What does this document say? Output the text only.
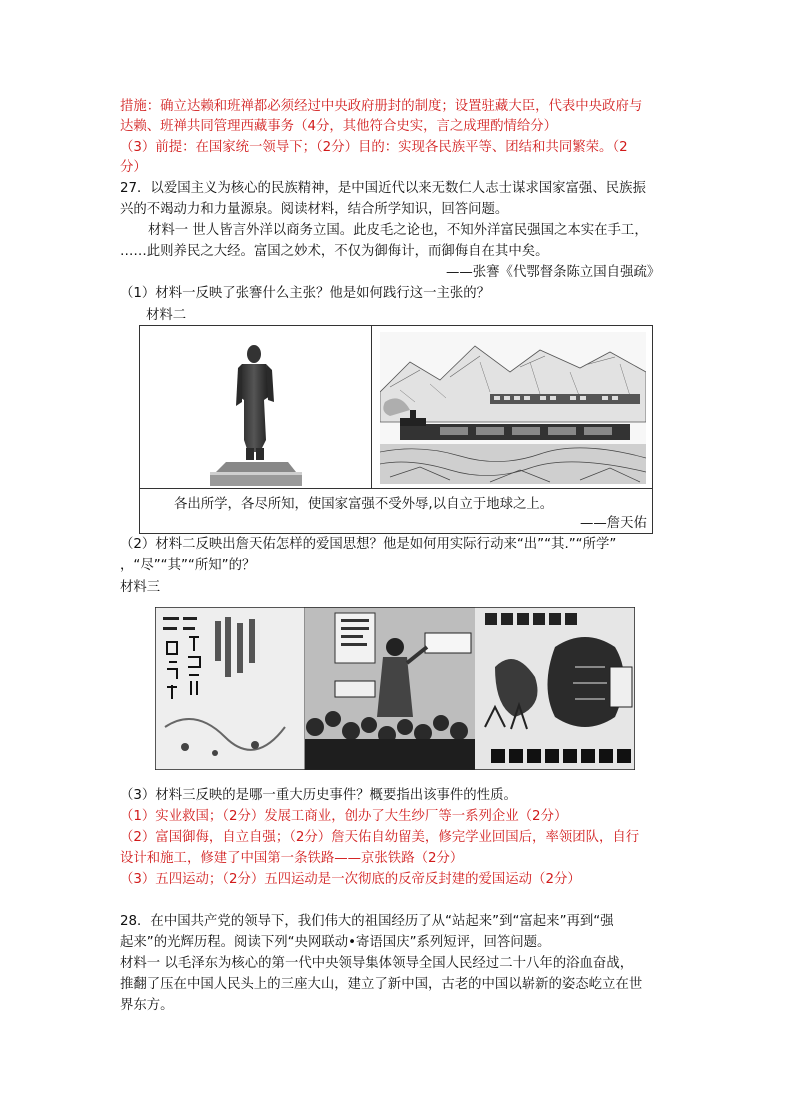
措施：确立达赖和班禅都必须经过中央政府册封的制度；设置驻藏大臣，代表中央政府与
达赖、班禅共同管理西藏事务（4分，其他符合史实，言之成理酌情给分）
（3）前提：在国家统一领导下；（2分）目的：实现各民族平等、团结和共同繁荣。（2
分）
27．以爱国主义为核心的民族精神，是中国近代以来无数仁人志士谋求国家富强、民族振
兴的不竭动力和力量源泉。阅读材料，结合所学知识，回答问题。
材料一 世人皆言外洋以商务立国。此皮毛之论也，不知外洋富民强国之本实在手工，
……此则养民之大经。富国之妙术，不仅为御侮计，而御侮自在其中矣。
——张謇《代鄂督条陈立国自强疏》
（1）材料一反映了张謇什么主张？他是如何践行这一主张的？
材料二
各出所学，各尽所知，使国家富强不受外辱,以自立于地球之上。
——詹天佑
（2）材料二反映出詹天佑怎样的爱国思想？他是如何用实际行动来“出”“其.”“所学”
，“尽”“其”“所知”的？
材料三
（3）材料三反映的是哪一重大历史事件？概要指出该事件的性质。
（1）实业救国；（2分）发展工商业，创办了大生纱厂等一系列企业（2分）
（2）富国御侮，自立自强；（2分）詹天佑自幼留美，修完学业回国后，率领团队，自行
设计和施工，修建了中国第一条铁路——京张铁路（2分）
（3）五四运动；（2分）五四运动是一次彻底的反帝反封建的爱国运动（2分）
28．在中国共产党的领导下，我们伟大的祖国经历了从“站起来”到“富起来”再到“强
起来”的光辉历程。阅读下列“央网联动•寄语国庆”系列短评，回答问题。
材料一 以毛泽东为核心的第一代中央领导集体领导全国人民经过二十八年的浴血奋战，
推翻了压在中国人民头上的三座大山，建立了新中国，古老的中国以崭新的姿态屹立在世
界东方。
